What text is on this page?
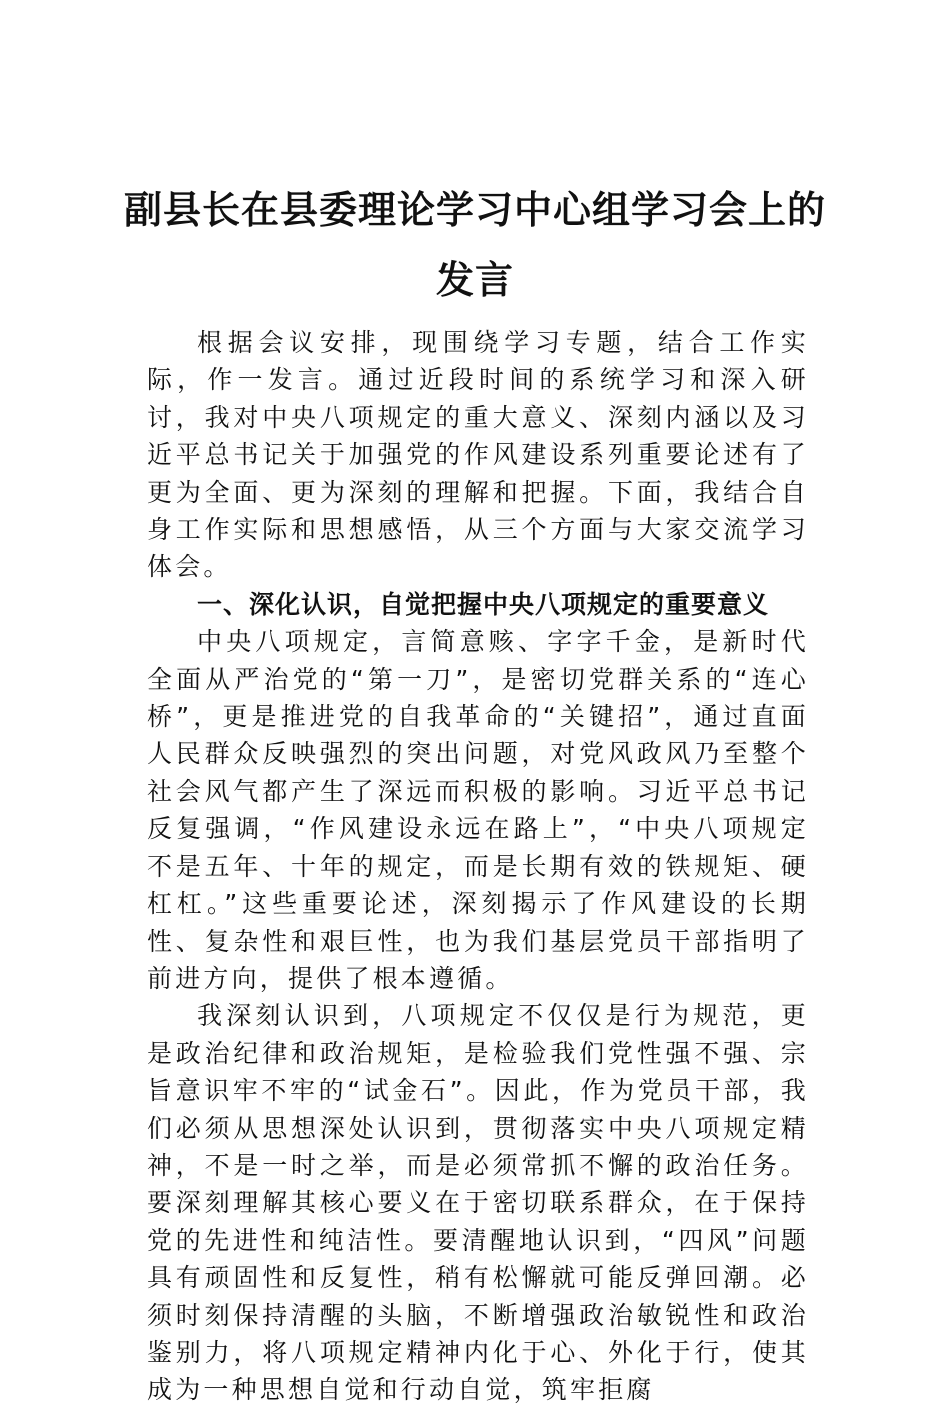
副县长在县委理论学习中心组学习会上的
发言

根据会议安排，现围绕学习专题，结合工作实际，作一发言。通过近段时间的系统学习和深入研讨，我对中央八项规定的重大意义、深刻内涵以及习近平总书记关于加强党的作风建设系列重要论述有了更为全面、更为深刻的理解和把握。下面，我结合自身工作实际和思想感悟，从三个方面与大家交流学习体会。

一、深化认识，自觉把握中央八项规定的重要意义

中央八项规定，言简意赅、字字千金，是新时代全面从严治党的“第一刀”，是密切党群关系的“连心桥”，更是推进党的自我革命的“关键招”，通过直面人民群众反映强烈的突出问题，对党风政风乃至整个社会风气都产生了深远而积极的影响。习近平总书记反复强调，“作风建设永远在路上”，“中央八项规定不是五年、十年的规定，而是长期有效的铁规矩、硬杠杠。”这些重要论述，深刻揭示了作风建设的长期性、复杂性和艰巨性，也为我们基层党员干部指明了前进方向，提供了根本遵循。

我深刻认识到，八项规定不仅仅是行为规范，更是政治纪律和政治规矩，是检验我们党性强不强、宗旨意识牢不牢的“试金石”。因此，作为党员干部，我们必须从思想深处认识到，贯彻落实中央八项规定精神，不是一时之举，而是必须常抓不懈的政治任务。要深刻理解其核心要义在于密切联系群众，在于保持党的先进性和纯洁性。要清醒地认识到，“四风”问题具有顽固性和反复性，稍有松懈就可能反弹回潮。必须时刻保持清醒的头脑，不断增强政治敏锐性和政治鉴别力，将八项规定精神内化于心、外化于行，使其成为一种思想自觉和行动自觉，筑牢拒腐
